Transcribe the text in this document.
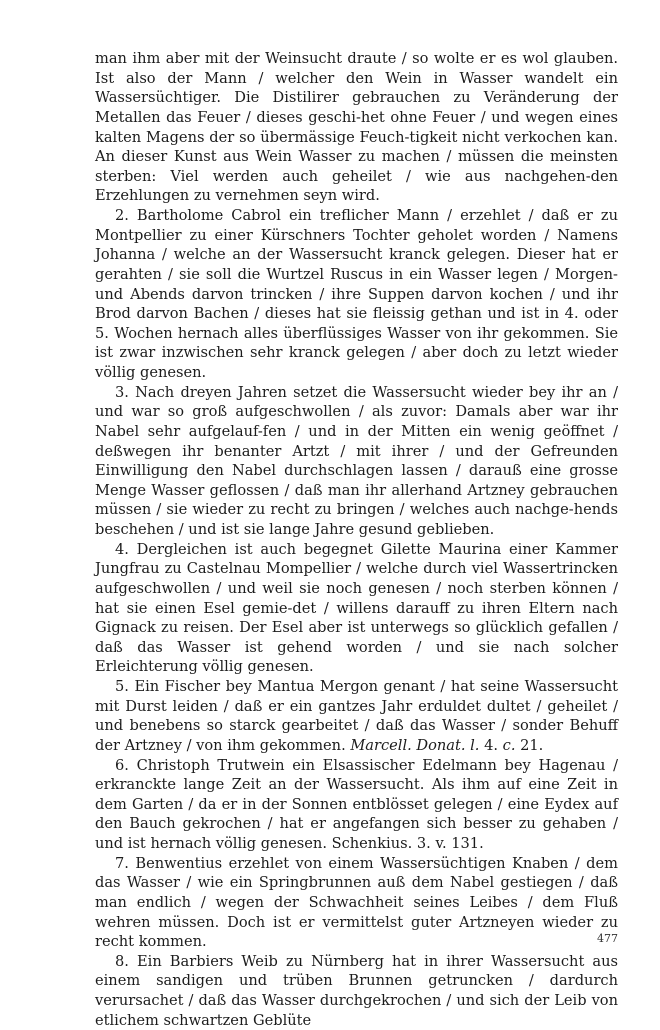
man ihm aber mit der Weinsucht draute / so wolte er es wol glauben. Ist also der Mann / welcher den Wein in Wasser wandelt ein Wassersüchtiger. Die Distilirer gebrauchen zu Veränderung der Metallen das Feuer / dieses geschi-het ohne Feuer / und wegen eines kalten Magens der so übermässige Feuch-tigkeit nicht verkochen kan. An dieser Kunst aus Wein Wasser zu machen / müssen die meinsten sterben: Viel werden auch geheilet / wie aus nachgehen-den Erzehlungen zu vernehmen seyn wird.

2. Bartholome Cabrol ein treflicher Mann / erzehlet / daß er zu Montpellier zu einer Kürschners Tochter geholet worden / Namens Johanna / welche an der Wassersucht kranck gelegen. Dieser hat er gerahten / sie soll die Wurtzel Ruscus in ein Wasser legen / Morgen- und Abends darvon trincken / ihre Suppen darvon kochen / und ihr Brod darvon Bachen / dieses hat sie fleissig gethan und ist in 4. oder 5. Wochen hernach alles überflüssiges Wasser von ihr gekommen. Sie ist zwar inzwischen sehr kranck gelegen / aber doch zu letzt wieder völlig genesen.

3. Nach dreyen Jahren setzet die Wassersucht wieder bey ihr an / und war so groß aufgeschwollen / als zuvor: Damals aber war ihr Nabel sehr aufgelauf-fen / und in der Mitten ein wenig geöffnet / deßwegen ihr benanter Artzt / mit ihrer / und der Gefreunden Einwilligung den Nabel durchschlagen lassen / darauß eine grosse Menge Wasser geflossen / daß man ihr allerhand Artzney gebrauchen müssen / sie wieder zu recht zu bringen / welches auch nachge-hends beschehen / und ist sie lange Jahre gesund geblieben.

4. Dergleichen ist auch begegnet Gilette Maurina einer Kammer Jungfrau zu Castelnau Mompellier / welche durch viel Wassertrincken aufgeschwollen / und weil sie noch genesen / noch sterben können / hat sie einen Esel gemie-det / willens darauff zu ihren Eltern nach Gignack zu reisen. Der Esel aber ist unterwegs so glücklich gefallen / daß das Wasser ist gehend worden / und sie nach solcher Erleichterung völlig genesen.

5. Ein Fischer bey Mantua Mergon genant / hat seine Wassersucht mit Durst leiden / daß er ein gantzes Jahr erduldet dultet / geheilet / und benebens so starck gearbeitet / daß das Wasser / sonder Behuff der Artzney / von ihm gekommen. Marcell. Donat. l. 4. c. 21.

6. Christoph Trutwein ein Elsassischer Edelmann bey Hagenau / erkranckte lange Zeit an der Wassersucht. Als ihm auf eine Zeit in dem Garten / da er in der Sonnen entblösset gelegen / eine Eydex auf den Bauch gekrochen / hat er angefangen sich besser zu gehaben / und ist hernach völlig genesen. Schenkius. 3. v. 131.

7. Benwentius erzehlet von einem Wassersüchtigen Knaben / dem das Wasser / wie ein Springbrunnen auß dem Nabel gestiegen / daß man endlich / wegen der Schwachheit seines Leibes / dem Fluß wehren müssen. Doch ist er vermittelst guter Artzneyen wieder zu recht kommen.

8. Ein Barbiers Weib zu Nürnberg hat in ihrer Wassersucht aus einem sandigen und trüben Brunnen getruncken / dardurch verursachet / daß das Wasser durchgekrochen / und sich der Leib von etlichem schwartzen Geblüte

477
